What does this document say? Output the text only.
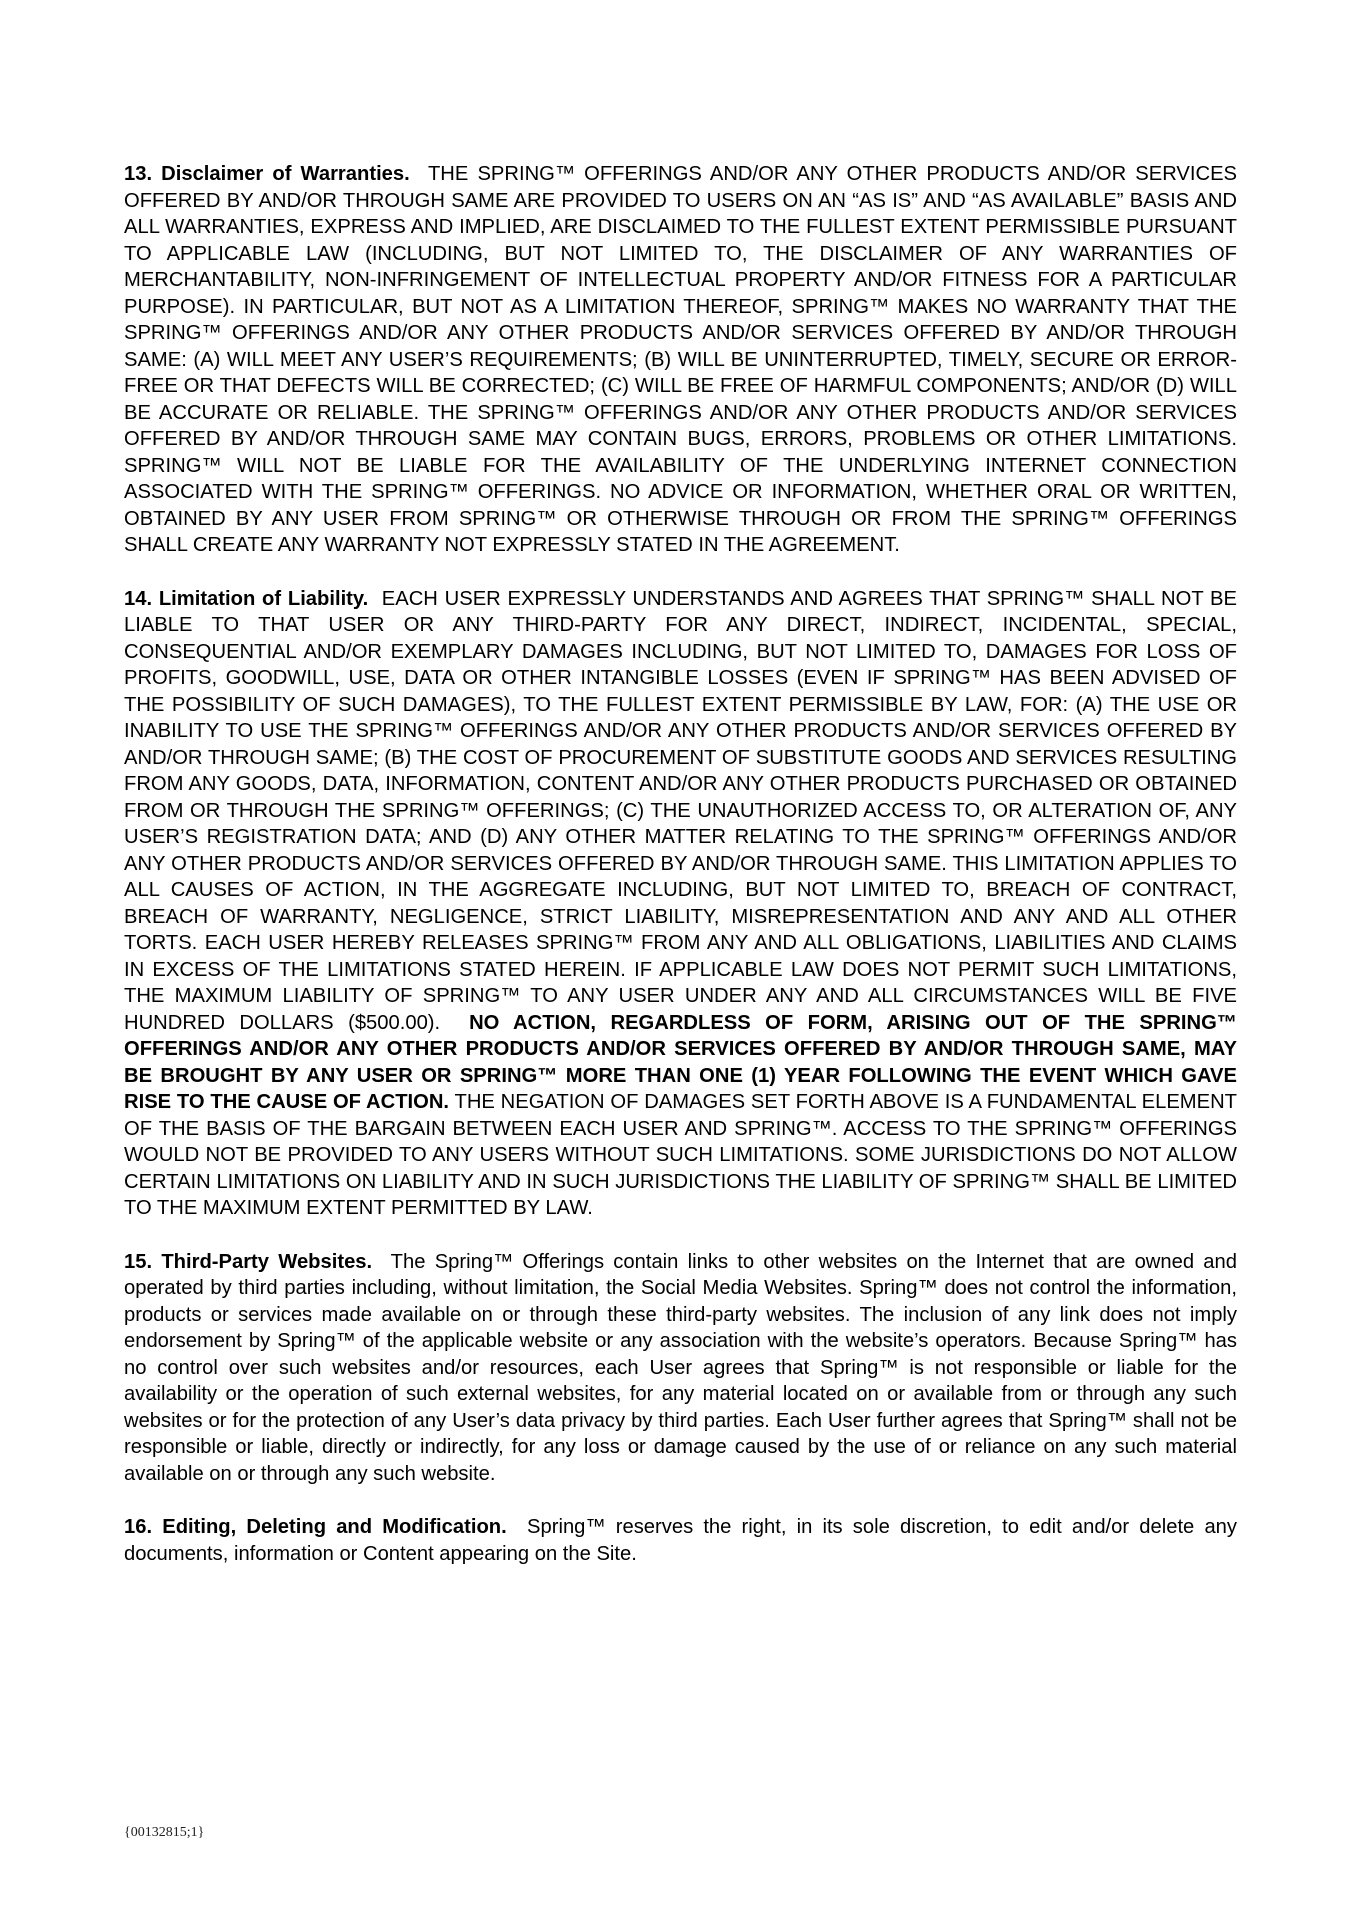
13. Disclaimer of Warranties. THE SPRING™ OFFERINGS AND/OR ANY OTHER PRODUCTS AND/OR SERVICES OFFERED BY AND/OR THROUGH SAME ARE PROVIDED TO USERS ON AN “AS IS” AND “AS AVAILABLE” BASIS AND ALL WARRANTIES, EXPRESS AND IMPLIED, ARE DISCLAIMED TO THE FULLEST EXTENT PERMISSIBLE PURSUANT TO APPLICABLE LAW (INCLUDING, BUT NOT LIMITED TO, THE DISCLAIMER OF ANY WARRANTIES OF MERCHANTABILITY, NON-INFRINGEMENT OF INTELLECTUAL PROPERTY AND/OR FITNESS FOR A PARTICULAR PURPOSE). IN PARTICULAR, BUT NOT AS A LIMITATION THEREOF, SPRING™ MAKES NO WARRANTY THAT THE SPRING™ OFFERINGS AND/OR ANY OTHER PRODUCTS AND/OR SERVICES OFFERED BY AND/OR THROUGH SAME: (A) WILL MEET ANY USER’S REQUIREMENTS; (B) WILL BE UNINTERRUPTED, TIMELY, SECURE OR ERROR-FREE OR THAT DEFECTS WILL BE CORRECTED; (C) WILL BE FREE OF HARMFUL COMPONENTS; AND/OR (D) WILL BE ACCURATE OR RELIABLE. THE SPRING™ OFFERINGS AND/OR ANY OTHER PRODUCTS AND/OR SERVICES OFFERED BY AND/OR THROUGH SAME MAY CONTAIN BUGS, ERRORS, PROBLEMS OR OTHER LIMITATIONS. SPRING™ WILL NOT BE LIABLE FOR THE AVAILABILITY OF THE UNDERLYING INTERNET CONNECTION ASSOCIATED WITH THE SPRING™ OFFERINGS. NO ADVICE OR INFORMATION, WHETHER ORAL OR WRITTEN, OBTAINED BY ANY USER FROM SPRING™ OR OTHERWISE THROUGH OR FROM THE SPRING™ OFFERINGS SHALL CREATE ANY WARRANTY NOT EXPRESSLY STATED IN THE AGREEMENT.

14. Limitation of Liability. EACH USER EXPRESSLY UNDERSTANDS AND AGREES THAT SPRING™ SHALL NOT BE LIABLE TO THAT USER OR ANY THIRD-PARTY FOR ANY DIRECT, INDIRECT, INCIDENTAL, SPECIAL, CONSEQUENTIAL AND/OR EXEMPLARY DAMAGES INCLUDING, BUT NOT LIMITED TO, DAMAGES FOR LOSS OF PROFITS, GOODWILL, USE, DATA OR OTHER INTANGIBLE LOSSES (EVEN IF SPRING™ HAS BEEN ADVISED OF THE POSSIBILITY OF SUCH DAMAGES), TO THE FULLEST EXTENT PERMISSIBLE BY LAW, FOR: (A) THE USE OR INABILITY TO USE THE SPRING™ OFFERINGS AND/OR ANY OTHER PRODUCTS AND/OR SERVICES OFFERED BY AND/OR THROUGH SAME; (B) THE COST OF PROCUREMENT OF SUBSTITUTE GOODS AND SERVICES RESULTING FROM ANY GOODS, DATA, INFORMATION, CONTENT AND/OR ANY OTHER PRODUCTS PURCHASED OR OBTAINED FROM OR THROUGH THE SPRING™ OFFERINGS; (C) THE UNAUTHORIZED ACCESS TO, OR ALTERATION OF, ANY USER’S REGISTRATION DATA; AND (D) ANY OTHER MATTER RELATING TO THE SPRING™ OFFERINGS AND/OR ANY OTHER PRODUCTS AND/OR SERVICES OFFERED BY AND/OR THROUGH SAME. THIS LIMITATION APPLIES TO ALL CAUSES OF ACTION, IN THE AGGREGATE INCLUDING, BUT NOT LIMITED TO, BREACH OF CONTRACT, BREACH OF WARRANTY, NEGLIGENCE, STRICT LIABILITY, MISREPRESENTATION AND ANY AND ALL OTHER TORTS. EACH USER HEREBY RELEASES SPRING™ FROM ANY AND ALL OBLIGATIONS, LIABILITIES AND CLAIMS IN EXCESS OF THE LIMITATIONS STATED HEREIN. IF APPLICABLE LAW DOES NOT PERMIT SUCH LIMITATIONS, THE MAXIMUM LIABILITY OF SPRING™ TO ANY USER UNDER ANY AND ALL CIRCUMSTANCES WILL BE FIVE HUNDRED DOLLARS ($500.00). NO ACTION, REGARDLESS OF FORM, ARISING OUT OF THE SPRING™ OFFERINGS AND/OR ANY OTHER PRODUCTS AND/OR SERVICES OFFERED BY AND/OR THROUGH SAME, MAY BE BROUGHT BY ANY USER OR SPRING™ MORE THAN ONE (1) YEAR FOLLOWING THE EVENT WHICH GAVE RISE TO THE CAUSE OF ACTION. THE NEGATION OF DAMAGES SET FORTH ABOVE IS A FUNDAMENTAL ELEMENT OF THE BASIS OF THE BARGAIN BETWEEN EACH USER AND SPRING™. ACCESS TO THE SPRING™ OFFERINGS WOULD NOT BE PROVIDED TO ANY USERS WITHOUT SUCH LIMITATIONS. SOME JURISDICTIONS DO NOT ALLOW CERTAIN LIMITATIONS ON LIABILITY AND IN SUCH JURISDICTIONS THE LIABILITY OF SPRING™ SHALL BE LIMITED TO THE MAXIMUM EXTENT PERMITTED BY LAW.

15. Third-Party Websites. The Spring™ Offerings contain links to other websites on the Internet that are owned and operated by third parties including, without limitation, the Social Media Websites. Spring™ does not control the information, products or services made available on or through these third-party websites. The inclusion of any link does not imply endorsement by Spring™ of the applicable website or any association with the website’s operators. Because Spring™ has no control over such websites and/or resources, each User agrees that Spring™ is not responsible or liable for the availability or the operation of such external websites, for any material located on or available from or through any such websites or for the protection of any User’s data privacy by third parties. Each User further agrees that Spring™ shall not be responsible or liable, directly or indirectly, for any loss or damage caused by the use of or reliance on any such material available on or through any such website.

16. Editing, Deleting and Modification. Spring™ reserves the right, in its sole discretion, to edit and/or delete any documents, information or Content appearing on the Site.

{00132815;1}
